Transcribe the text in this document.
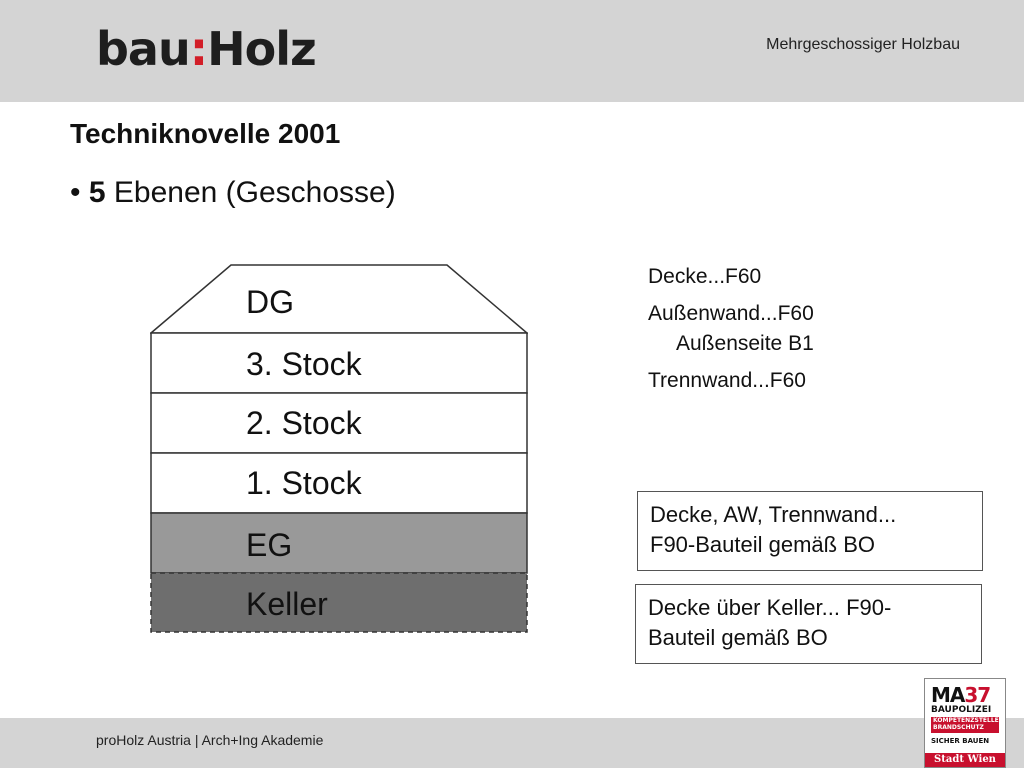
bau:Holz	Mehrgeschossiger Holzbau
Techniknovelle 2001
• 5 Ebenen (Geschosse)
DG
3. Stock
2. Stock
1. Stock
EG
Keller
Decke...F60
Außenwand...F60
Außenseite B1
Trennwand...F60
Decke, AW, Trennwand...
F90-Bauteil gemäß BO
Decke über Keller... F90-
Bauteil gemäß BO
proHolz Austria | Arch+Ing Akademie
MA37
BAUPOLIZEI
KOMPETENZSTELLE BRANDSCHUTZ
SICHER BAUEN
Stadt Wien
